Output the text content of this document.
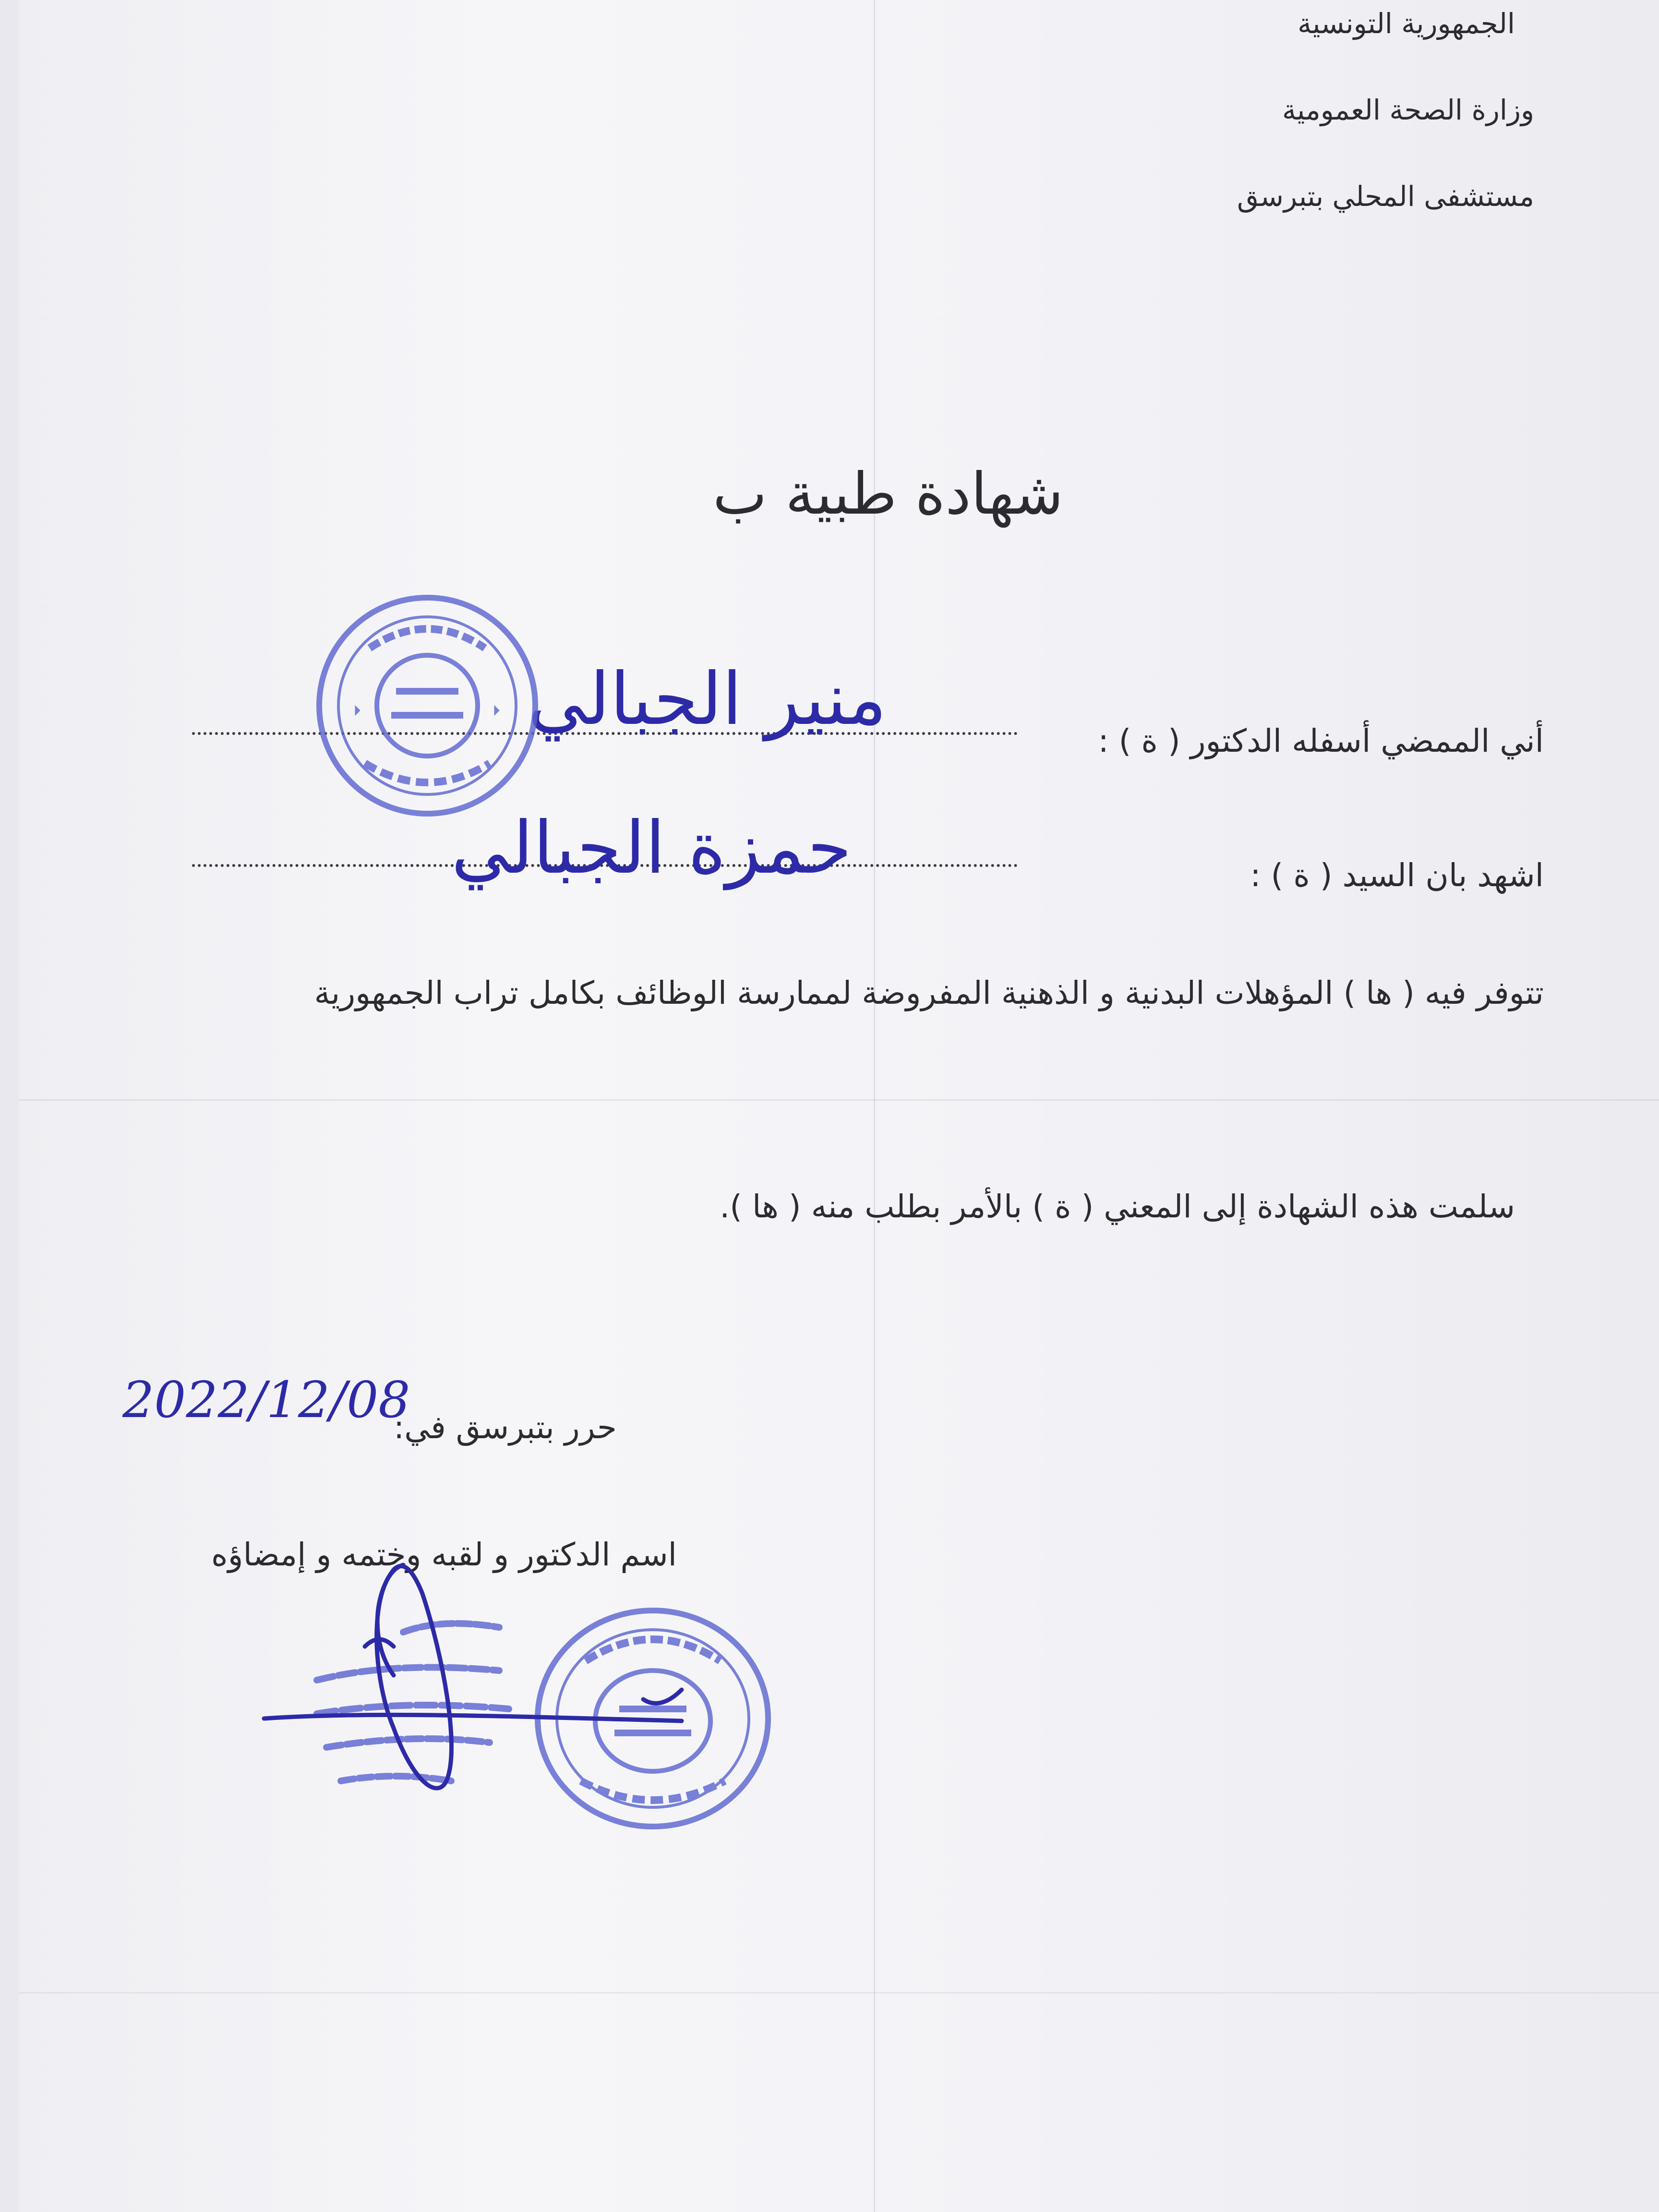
الجمهورية التونسية
وزارة الصحة العمومية
مستشفى المحلي بتبرسق
شهادة طبية ب
أني الممضي أسفله الدكتور ( ة ) :
منير الجبالي
اشهد بان السيد ( ة ) :
حمزة الجبالي
تتوفر فيه ( ها ) المؤهلات البدنية و الذهنية المفروضة لممارسة الوظائف بكامل تراب الجمهورية
سلمت هذه الشهادة إلى المعني ( ة ) بالأمر بطلب منه ( ها ).
حرر بتبرسق في:
2022/12/08
اسم الدكتور و لقبه وختمه و إمضاؤه
